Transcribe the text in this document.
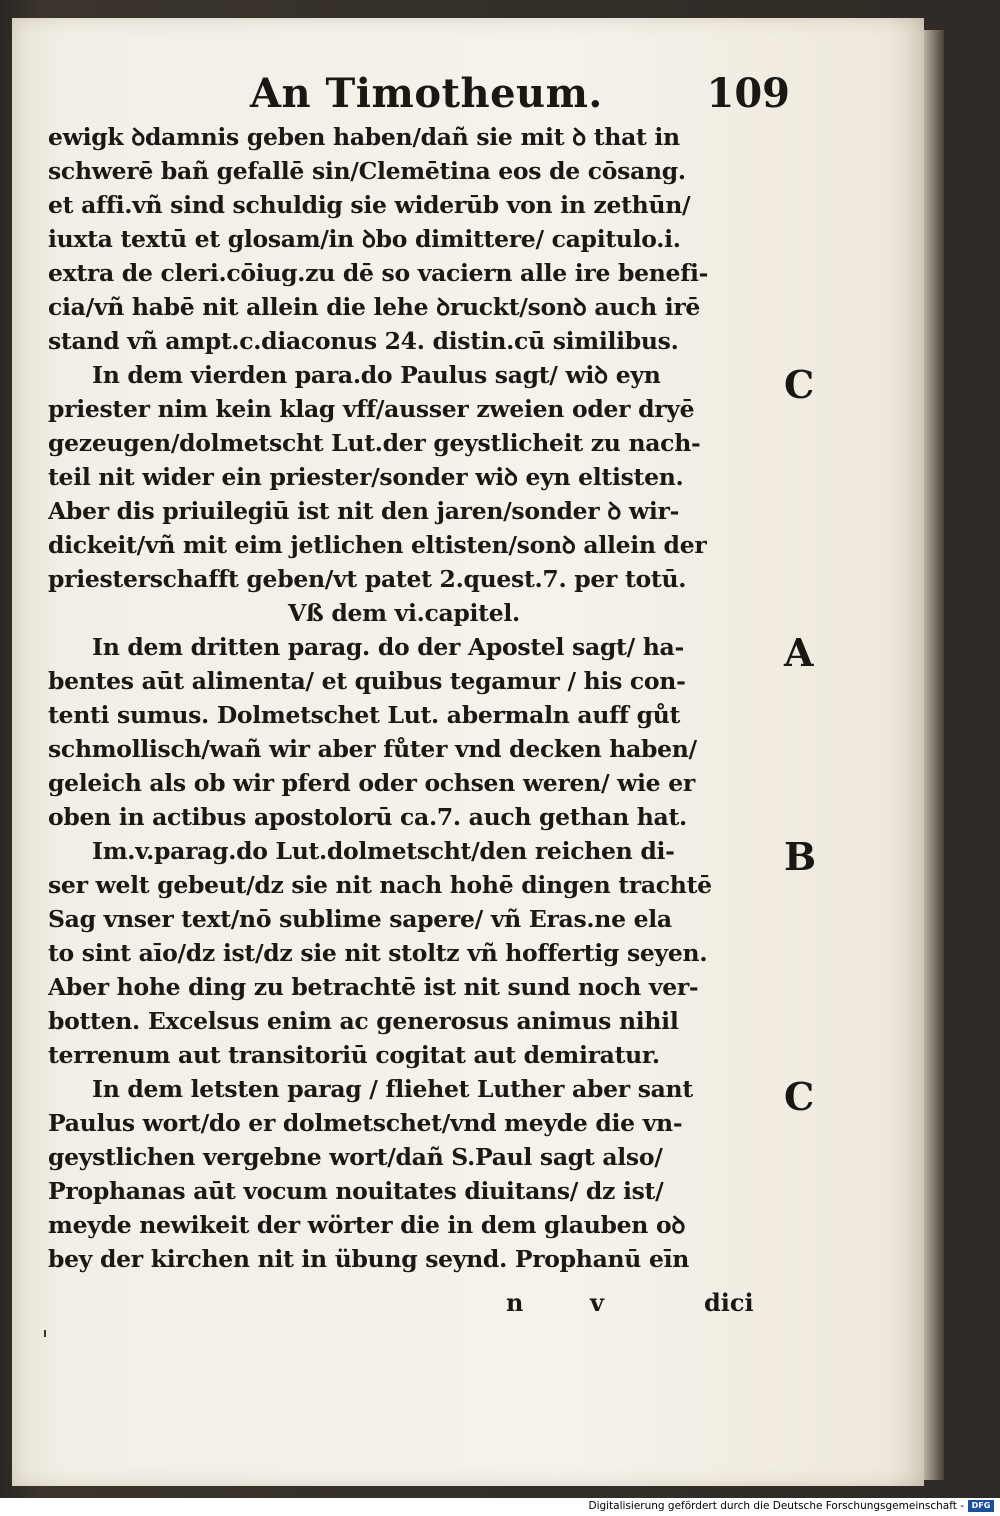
An Timotheum.	109
ewigk ꝺdamnis geben haben/dañ sie mit ꝺ that in
schwerē bañ gefallē sin/Clemētina eos de cōsang.
et affi.vñ sind schuldig sie widerūb von in zethūn/
iuxta textū et glosam/in ꝺbo dimittere/ capitulo.i.
extra de cleri.cōiug.zu dē so vaciern alle ire benefi-
cia/vñ habē nit allein die lehe ꝺruckt/sonꝺ auch irē
stand vñ ampt.c.diaconus 24. distin.cū similibus.
In dem vierden para.do Paulus sagt/ wiꝺ eyn
priester nim kein klag vff/ausser zweien oder dryē
gezeugen/dolmetscht Lut.der geystlicheit zu nach-
teil nit wider ein priester/sonder wiꝺ eyn eltisten.
Aber dis priuilegiū ist nit den jaren/sonder ꝺ wir-
dickeit/vñ mit eim jetlichen eltisten/sonꝺ allein der
priesterschafft geben/vt patet 2.quest.7. per totū.
Vß dem vi.capitel.
In dem dritten parag. do der Apostel sagt/ ha-
bentes aūt alimenta/ et quibus tegamur / his con-
tenti sumus. Dolmetschet Lut. abermaln auff gůt
schmollisch/wañ wir aber fůter vnd decken haben/
geleich als ob wir pferd oder ochsen weren/ wie er
oben in actibus apostolorū ca.7. auch gethan hat.
Im.v.parag.do Lut.dolmetscht/den reichen di-
ser welt gebeut/dz sie nit nach hohē dingen trachtē
Sag vnser text/nō sublime sapere/ vñ Eras.ne ela
to sint aīo/dz ist/dz sie nit stoltz vñ hoffertig seyen.
Aber hohe ding zu betrachtē ist nit sund noch ver-
botten. Excelsus enim ac generosus animus nihil
terrenum aut transitoriū cogitat aut demiratur.
In dem letsten parag / fliehet Luther aber sant
Paulus wort/do er dolmetschet/vnd meyde die vn-
geystlichen vergebne wort/dañ S.Paul sagt also/
Prophanas aūt vocum nouitates diuitans/ dz ist/
meyde newikeit der wörter die in dem glauben oꝺ
bey der kirchen nit in übung seynd. Prophanū eīn
C
A
B
C
n	v	dici
Digitalisierung gefördert durch die Deutsche Forschungsgemeinschaft - DFG
